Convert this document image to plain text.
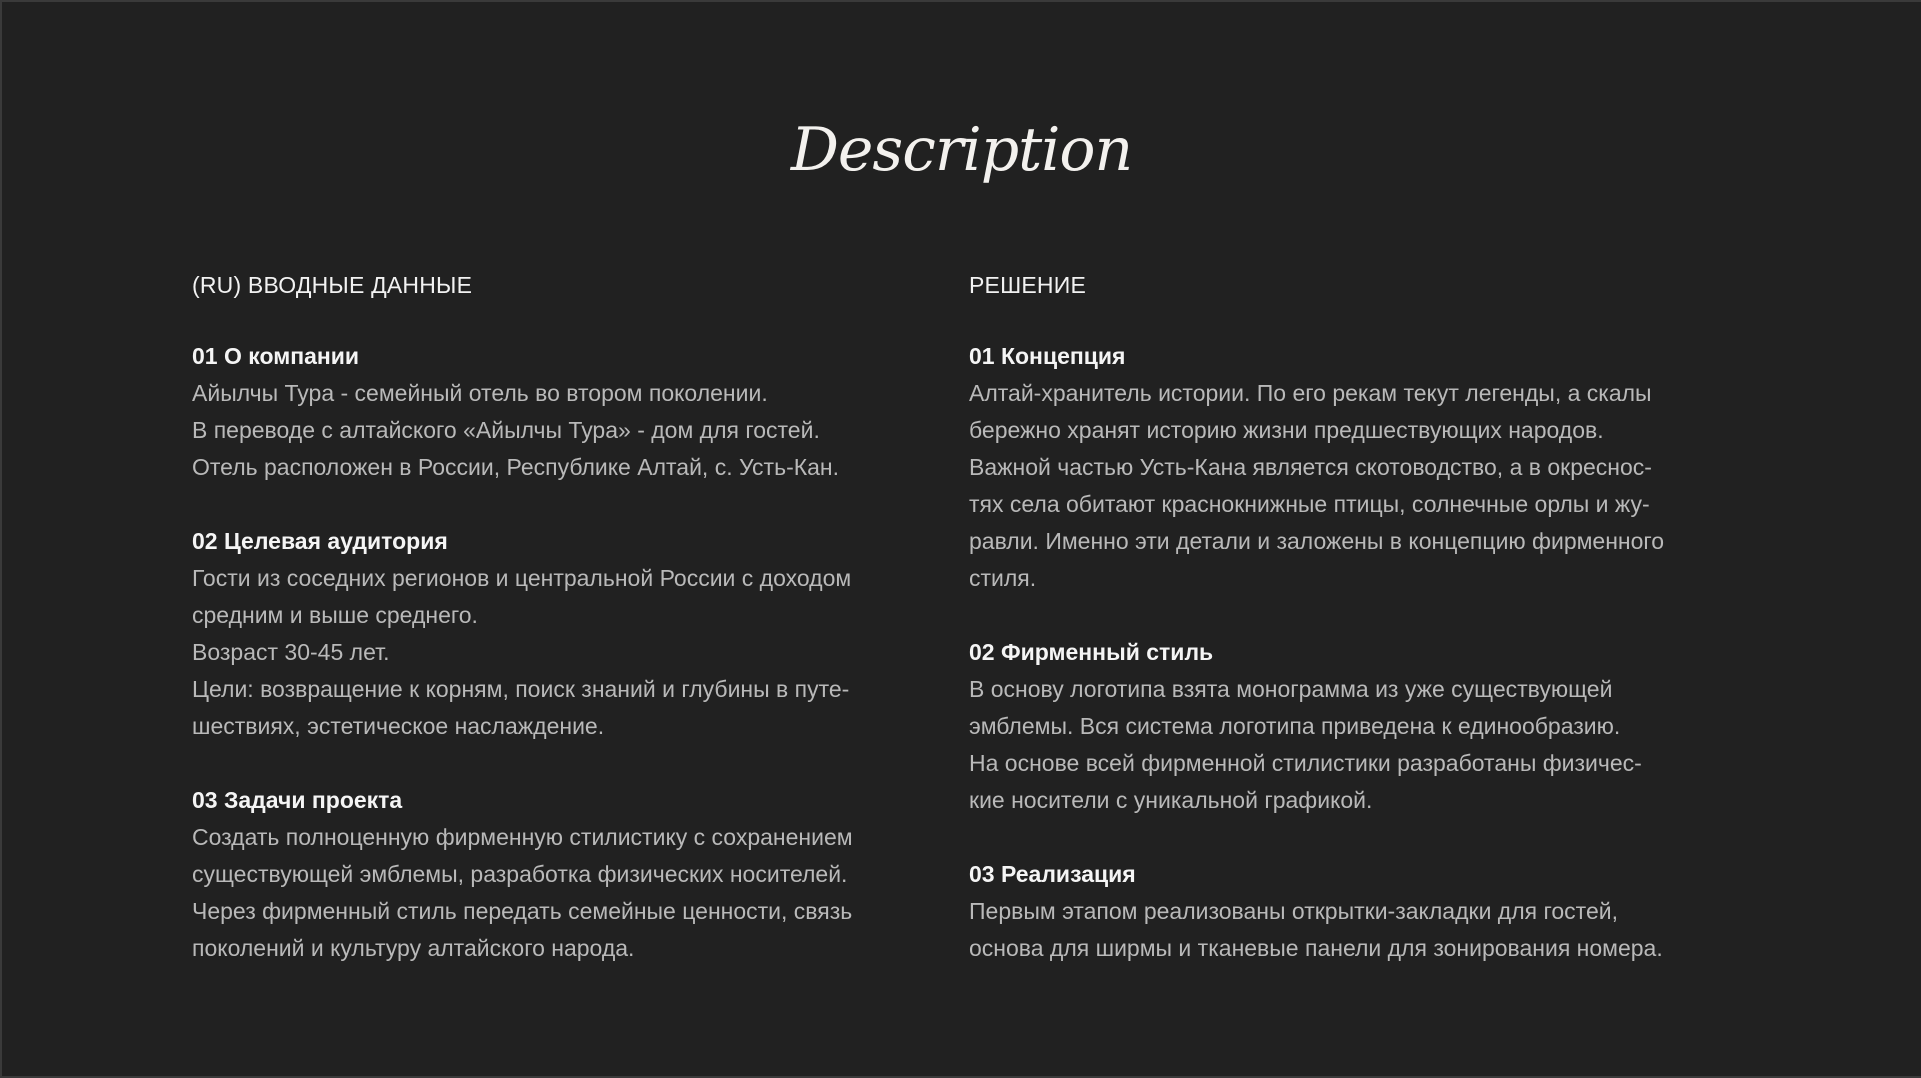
Description
(RU) ВВОДНЫЕ ДАННЫЕ

01 О компании

Айылчы Тура - семейный отель во втором поколении.

В переводе с алтайского «Айылчы Тура» - дом для гостей.

Отель расположен в России, Республике Алтай, с. Усть-Кан.

02 Целевая аудитория

Гости из соседних регионов и центральной России с доходом

средним и выше среднего.

Возраст 30-45 лет.

Цели: возвращение к корням, поиск знаний и глубины в путе-

шествиях, эстетическое наслаждение.

03 Задачи проекта

Создать полноценную фирменную стилистику с сохранением

существующей эмблемы, разработка физических носителей.

Через фирменный стиль передать семейные ценности, связь

поколений и культуру алтайского народа.

РЕШЕНИЕ

01 Концепция

Алтай-хранитель истории. По его рекам текут легенды, а скалы

бережно хранят историю жизни предшествующих народов.

Важной частью Усть-Кана является скотоводство, а в окреснос-

тях села обитают краснокнижные птицы, солнечные орлы и жу-

равли. Именно эти детали и заложены в концепцию фирменного

стиля.

02 Фирменный стиль

В основу логотипа взята монограмма из уже существующей

эмблемы. Вся система логотипа приведена к единообразию.

На основе всей фирменной стилистики разработаны физичес-

кие носители с уникальной графикой.

03 Реализация

Первым этапом реализованы открытки-закладки для гостей,

основа для ширмы и тканевые панели для зонирования номера.
